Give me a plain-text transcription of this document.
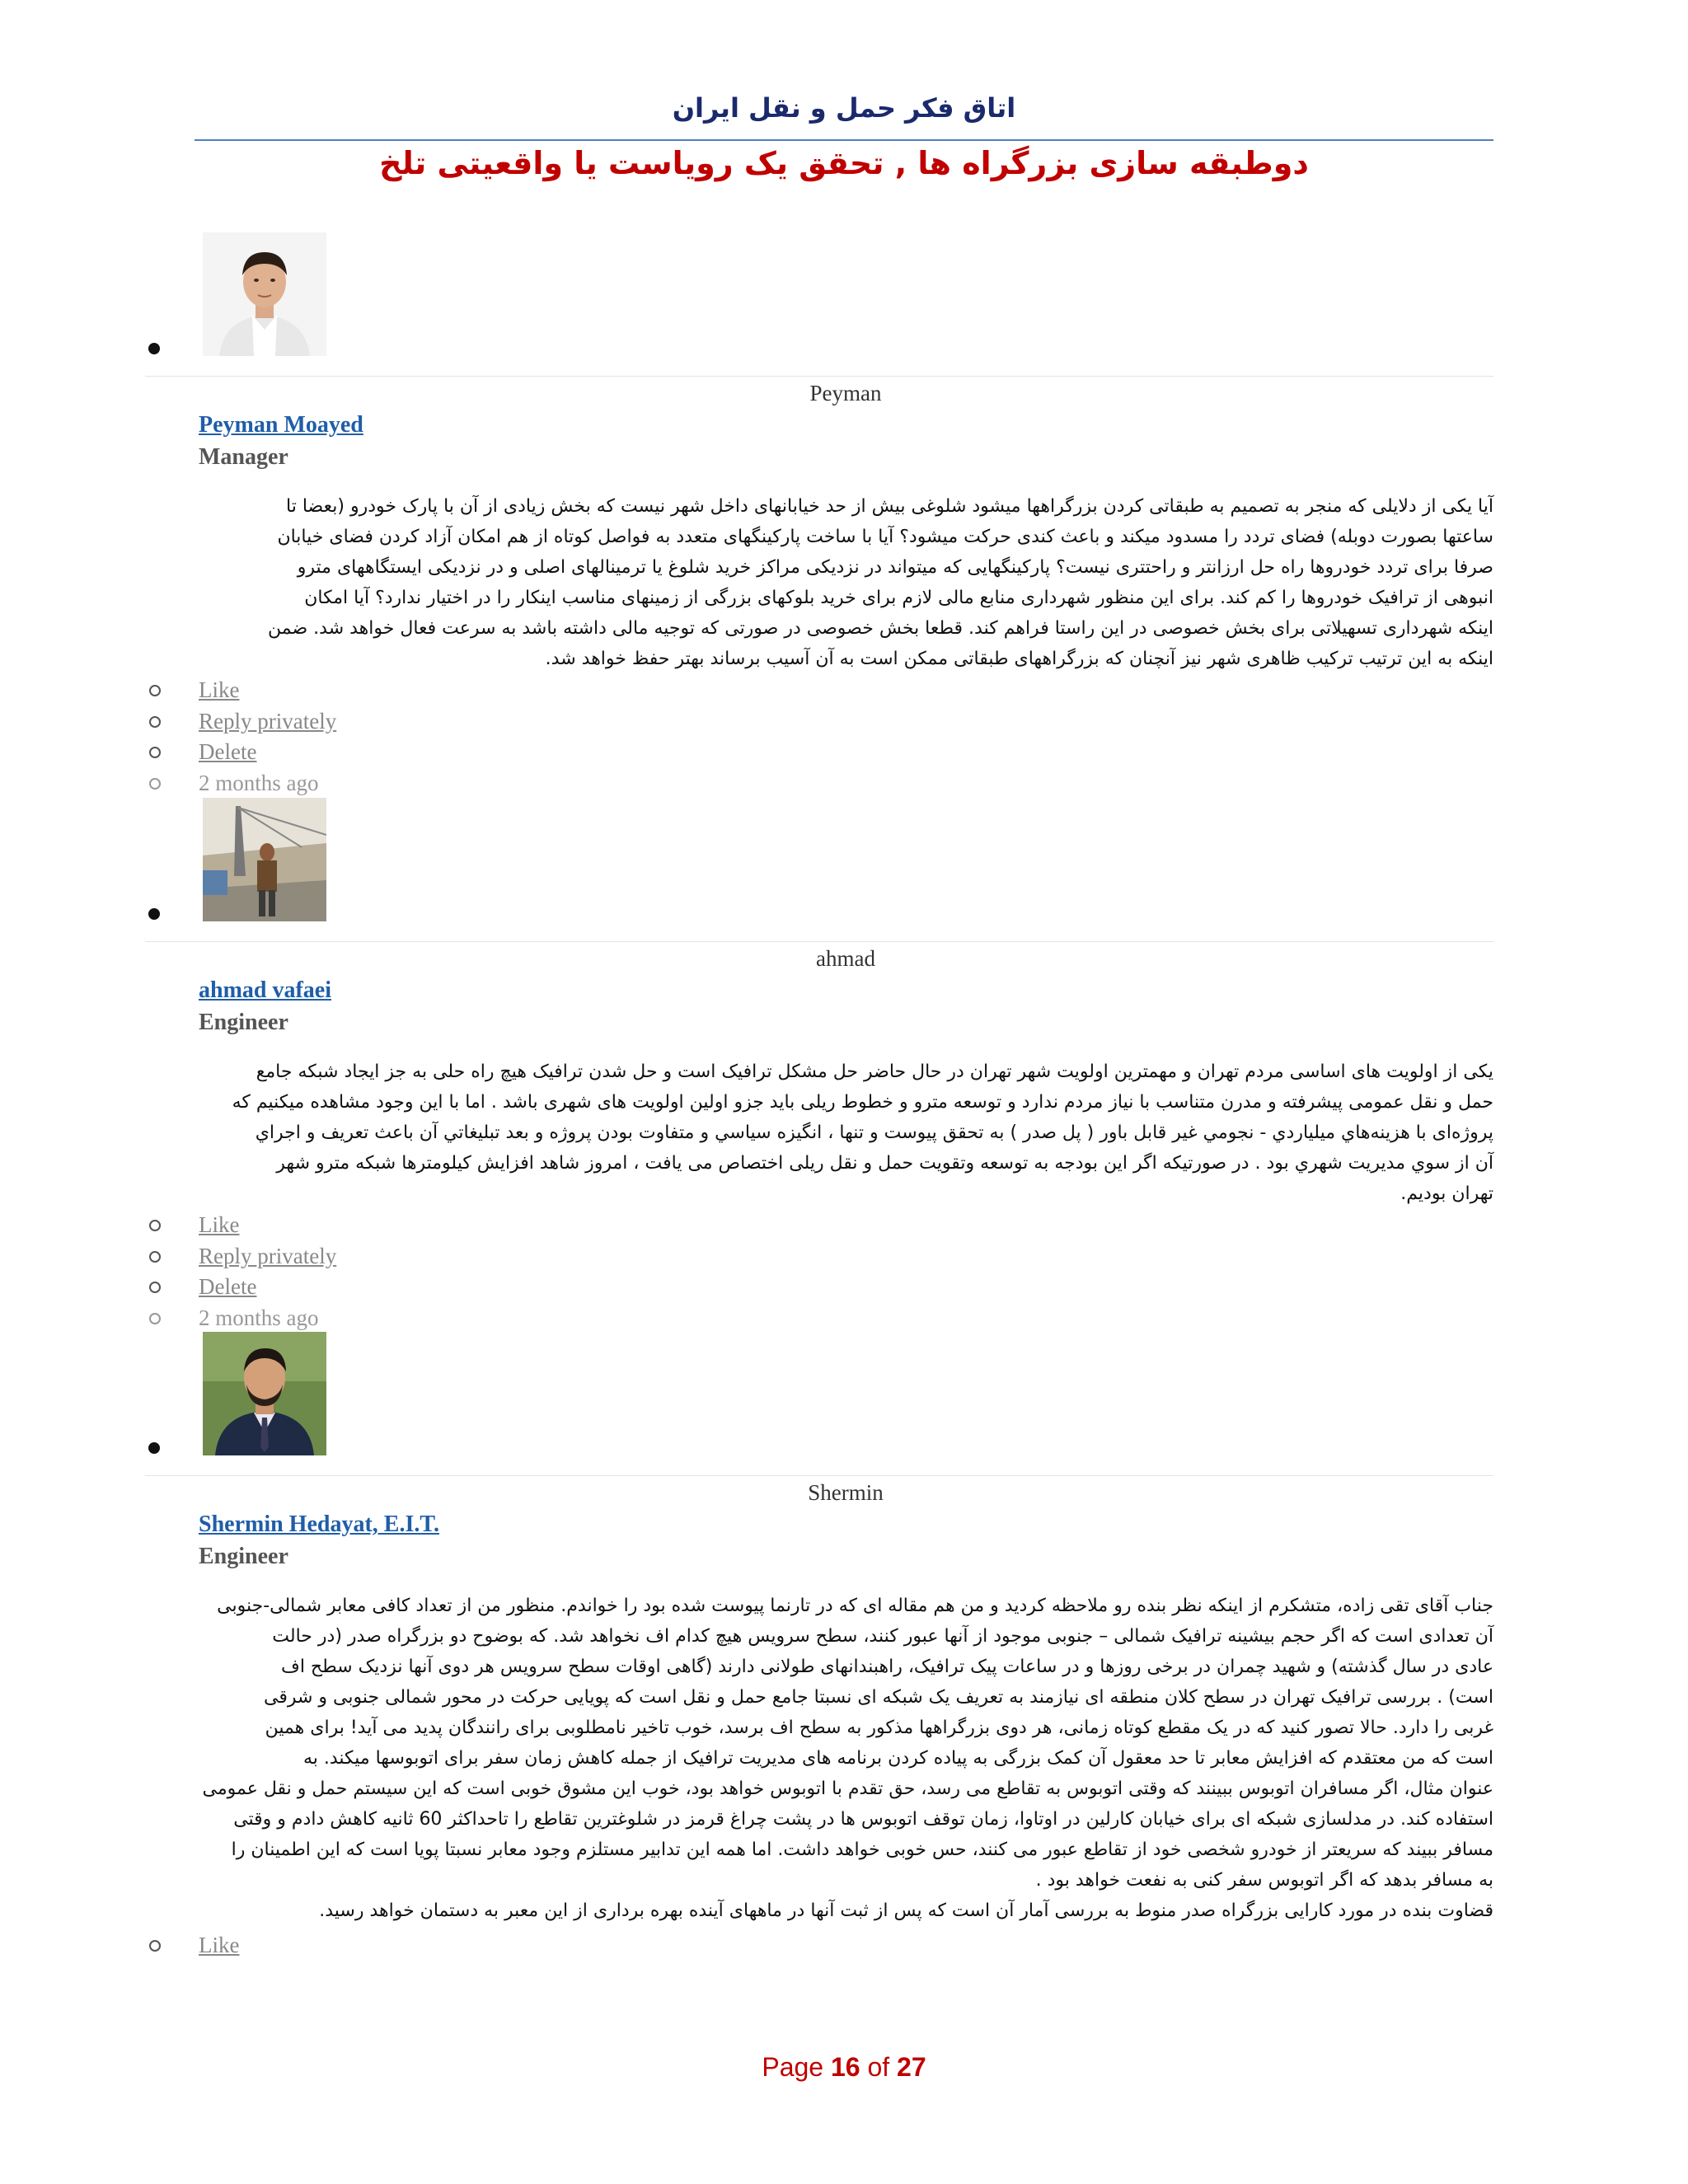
اتاق فکر حمل و نقل ایران
دوطبقه سازی بزرگراه ها , تحقق یک رویاست یا واقعیتی تلخ
Peyman
Peyman Moayed
Manager
آیا یکی از دلایلی که منجر به تصمیم به طبقاتی کردن بزرگراهها میشود شلوغی بیش از حد خیابانهای داخل شهر نیست که بخش زیادی از آن با پارک خودرو (بعضا تا
ساعتها بصورت دوبله) فضای تردد را مسدود میکند و باعث کندی حرکت میشود؟ آیا با ساخت پارکینگهای متعدد به فواصل کوتاه از هم امکان آزاد کردن فضای خیابان
صرفا برای تردد خودروها راه حل ارزانتر و راحتتری نیست؟ پارکینگهایی که میتواند در نزدیکی مراکز خرید شلوغ یا ترمینالهای اصلی و در نزدیکی ایستگاههای مترو
انبوهی از ترافیک خودروها را کم کند. برای این منظور شهرداری منابع مالی لازم برای خرید بلوکهای بزرگی از زمینهای مناسب اینکار را در اختیار ندارد؟ آیا امکان
اینکه شهرداری تسهیلاتی برای بخش خصوصی در این راستا فراهم کند. قطعا بخش خصوصی در صورتی که توجیه مالی داشته باشد به سرعت فعال خواهد شد. ضمن
اینکه به این ترتیب ترکیب ظاهری شهر نیز آنچنان که بزرگراههای طبقاتی ممکن است به آن آسیب برساند بهتر حفظ خواهد شد.
Like
Reply privately
Delete
2 months ago
ahmad
ahmad vafaei
Engineer
یکی از اولویت های اساسی مردم تهران و مهمترین اولویت شهر تهران در حال حاضر حل مشکل ترافیک است و حل شدن ترافیک هیچ راه حلی به جز ایجاد شبکه جامع
حمل و نقل عمومی پیشرفته و مدرن متناسب با نیاز مردم ندارد و توسعه مترو و خطوط ریلی باید جزو اولین اولویت های شهری باشد . اما با این وجود مشاهده میکنیم که
پروژه‌ای با هزینه‌هاي ميلياردي - نجومي غير قابل باور ( پل صدر ) به تحقق پیوست و تنها ، انگیزه سیاسي و متفاوت بودن پروژه و بعد تبليغاتي آن باعث تعريف و اجراي
آن از سوي مديريت شهري بود . در صورتیکه اگر این بودجه به توسعه وتقویت حمل و نقل ریلی اختصاص می یافت ، امروز شاهد افزایش کیلومترها شبکه مترو شهر
تهران بودیم.
Like
Reply privately
Delete
2 months ago
Shermin
Shermin Hedayat, E.I.T.
Engineer
جناب آقای تقی زاده، متشکرم از اینکه نظر بنده رو ملاحظه کردید و من هم مقاله ای که در تارنما پیوست شده بود را خواندم. منظور من از تعداد کافی معابر شمالی-جنوبی
آن تعدادی است که اگر حجم بیشینه ترافیک شمالی – جنوبی موجود از آنها عبور کنند، سطح سرویس هیچ کدام اف نخواهد شد. که بوضوح دو بزرگراه صدر (در حالت
عادی در سال گذشته) و شهید چمران در برخی روزها و در ساعات پیک ترافیک، راهبندانهای طولانی دارند (گاهی اوقات سطح سرویس هر دوی آنها نزدیک سطح اف
است) . بررسی ترافیک تهران در سطح کلان منطقه ای نیازمند به تعریف یک شبکه ای نسبتا جامع حمل و نقل است که پویایی حرکت در محور شمالی جنوبی و شرقی
غربی را دارد. حالا تصور کنید که در یک مقطع کوتاه زمانی، هر دوی بزرگراهها مذکور به سطح اف برسد، خوب تاخیر نامطلوبی برای رانندگان پدید می آید! برای همین
است که من معتقدم که افزایش معابر تا حد معقول آن کمک بزرگی به پیاده کردن برنامه های مدیریت ترافیک از جمله کاهش زمان سفر برای اتوبوسها میکند. به
عنوان مثال، اگر مسافران اتوبوس ببینند که وقتی اتوبوس به تقاطع می رسد، حق تقدم با اتوبوس خواهد بود، خوب این مشوق خوبی است که این سیستم حمل و نقل عمومی
استفاده کند. در مدلسازی شبکه ای برای خیابان کارلین در اوتاوا، زمان توقف اتوبوس ها در پشت چراغ قرمز در شلوغترین تقاطع را تاحداکثر 60 ثانیه کاهش دادم و وقتی
مسافر ببیند که سریعتر از خودرو شخصی خود از تقاطع عبور می کنند، حس خوبی خواهد داشت. اما همه این تدابیر مستلزم وجود معابر نسبتا پویا است که این اطمینان را
به مسافر بدهد که اگر اتوبوس سفر کنی به نفعت خواهد بود .
قضاوت بنده در مورد کارایی بزرگراه صدر منوط به بررسی آمار آن است که پس از ثبت آنها در ماههای آینده بهره برداری از این معبر به دستمان خواهد رسید.
Like
Page 16 of 27
